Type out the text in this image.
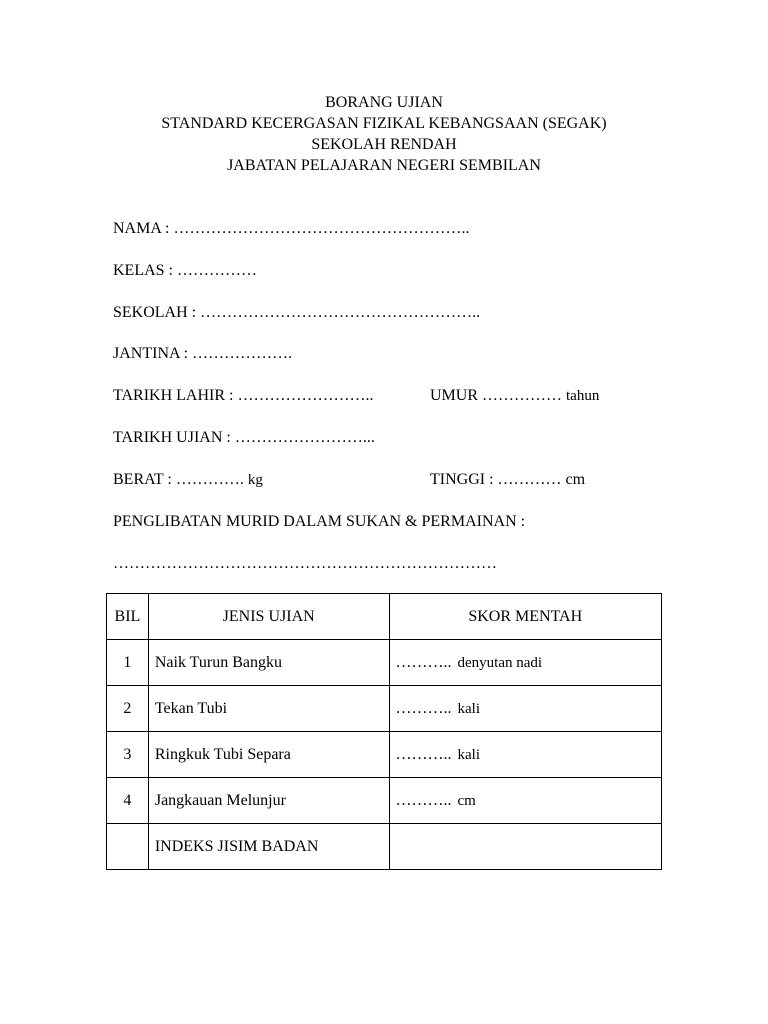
BORANG UJIAN
STANDARD KECERGASAN FIZIKAL KEBANGSAAN (SEGAK)
SEKOLAH RENDAH
JABATAN PELAJARAN NEGERI SEMBILAN
NAMA : ………………………………………………..
KELAS : ……………
SEKOLAH : ……………………………………………..
JANTINA : ……………….
TARIKH LAHIR : ……………………..	UMUR …………… tahun
TARIKH UJIAN : ……………………...
BERAT : …………. kg	TINGGI : ………… cm
PENGLIBATAN MURID DALAM SUKAN & PERMAINAN :
………………………………………………………………
BIL	JENIS UJIAN	SKOR MENTAH
1	Naik Turun Bangku	……….. denyutan nadi
2	Tekan Tubi	……….. kali
3	Ringkuk Tubi Separa	……….. kali
4	Jangkauan Melunjur	……….. cm
	INDEKS JISIM BADAN	
